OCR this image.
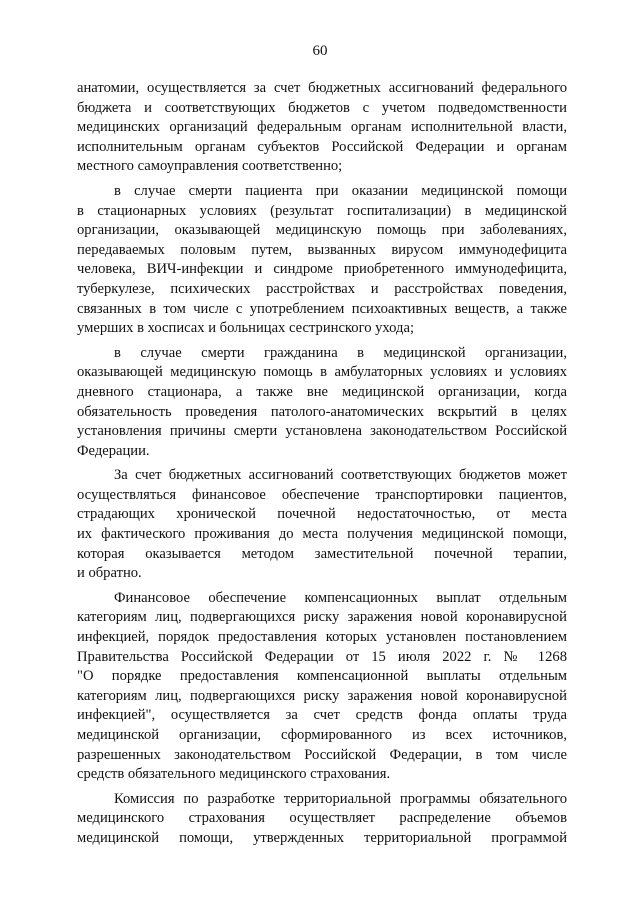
60

анатомии, осуществляется за счет бюджетных ассигнований федерального
бюджета и соответствующих бюджетов с учетом подведомственности
медицинских организаций федеральным органам исполнительной власти,
исполнительным органам субъектов Российской Федерации и органам
местного самоуправления соответственно;

в случае смерти пациента при оказании медицинской помощи
в стационарных условиях (результат госпитализации) в медицинской
организации, оказывающей медицинскую помощь при заболеваниях,
передаваемых половым путем, вызванных вирусом иммунодефицита
человека, ВИЧ-инфекции и синдроме приобретенного иммунодефицита,
туберкулезе, психических расстройствах и расстройствах поведения,
связанных в том числе с употреблением психоактивных веществ, а также
умерших в хосписах и больницах сестринского ухода;

в случае смерти гражданина в медицинской организации,
оказывающей медицинскую помощь в амбулаторных условиях и условиях
дневного стационара, а также вне медицинской организации, когда
обязательность проведения патолого-анатомических вскрытий в целях
установления причины смерти установлена законодательством Российской
Федерации.

За счет бюджетных ассигнований соответствующих бюджетов может
осуществляться финансовое обеспечение транспортировки пациентов,
страдающих хронической почечной недостаточностью, от места
их фактического проживания до места получения медицинской помощи,
которая оказывается методом заместительной почечной терапии,
и обратно.

Финансовое обеспечение компенсационных выплат отдельным
категориям лиц, подвергающихся риску заражения новой коронавирусной
инфекцией, порядок предоставления которых установлен постановлением
Правительства Российской Федерации от 15 июля 2022 г. № 1268
"О порядке предоставления компенсационной выплаты отдельным
категориям лиц, подвергающихся риску заражения новой коронавирусной
инфекцией", осуществляется за счет средств фонда оплаты труда
медицинской организации, сформированного из всех источников,
разрешенных законодательством Российской Федерации, в том числе
средств обязательного медицинского страхования.

Комиссия по разработке территориальной программы обязательного
медицинского страхования осуществляет распределение объемов
медицинской помощи, утвержденных территориальной программой
